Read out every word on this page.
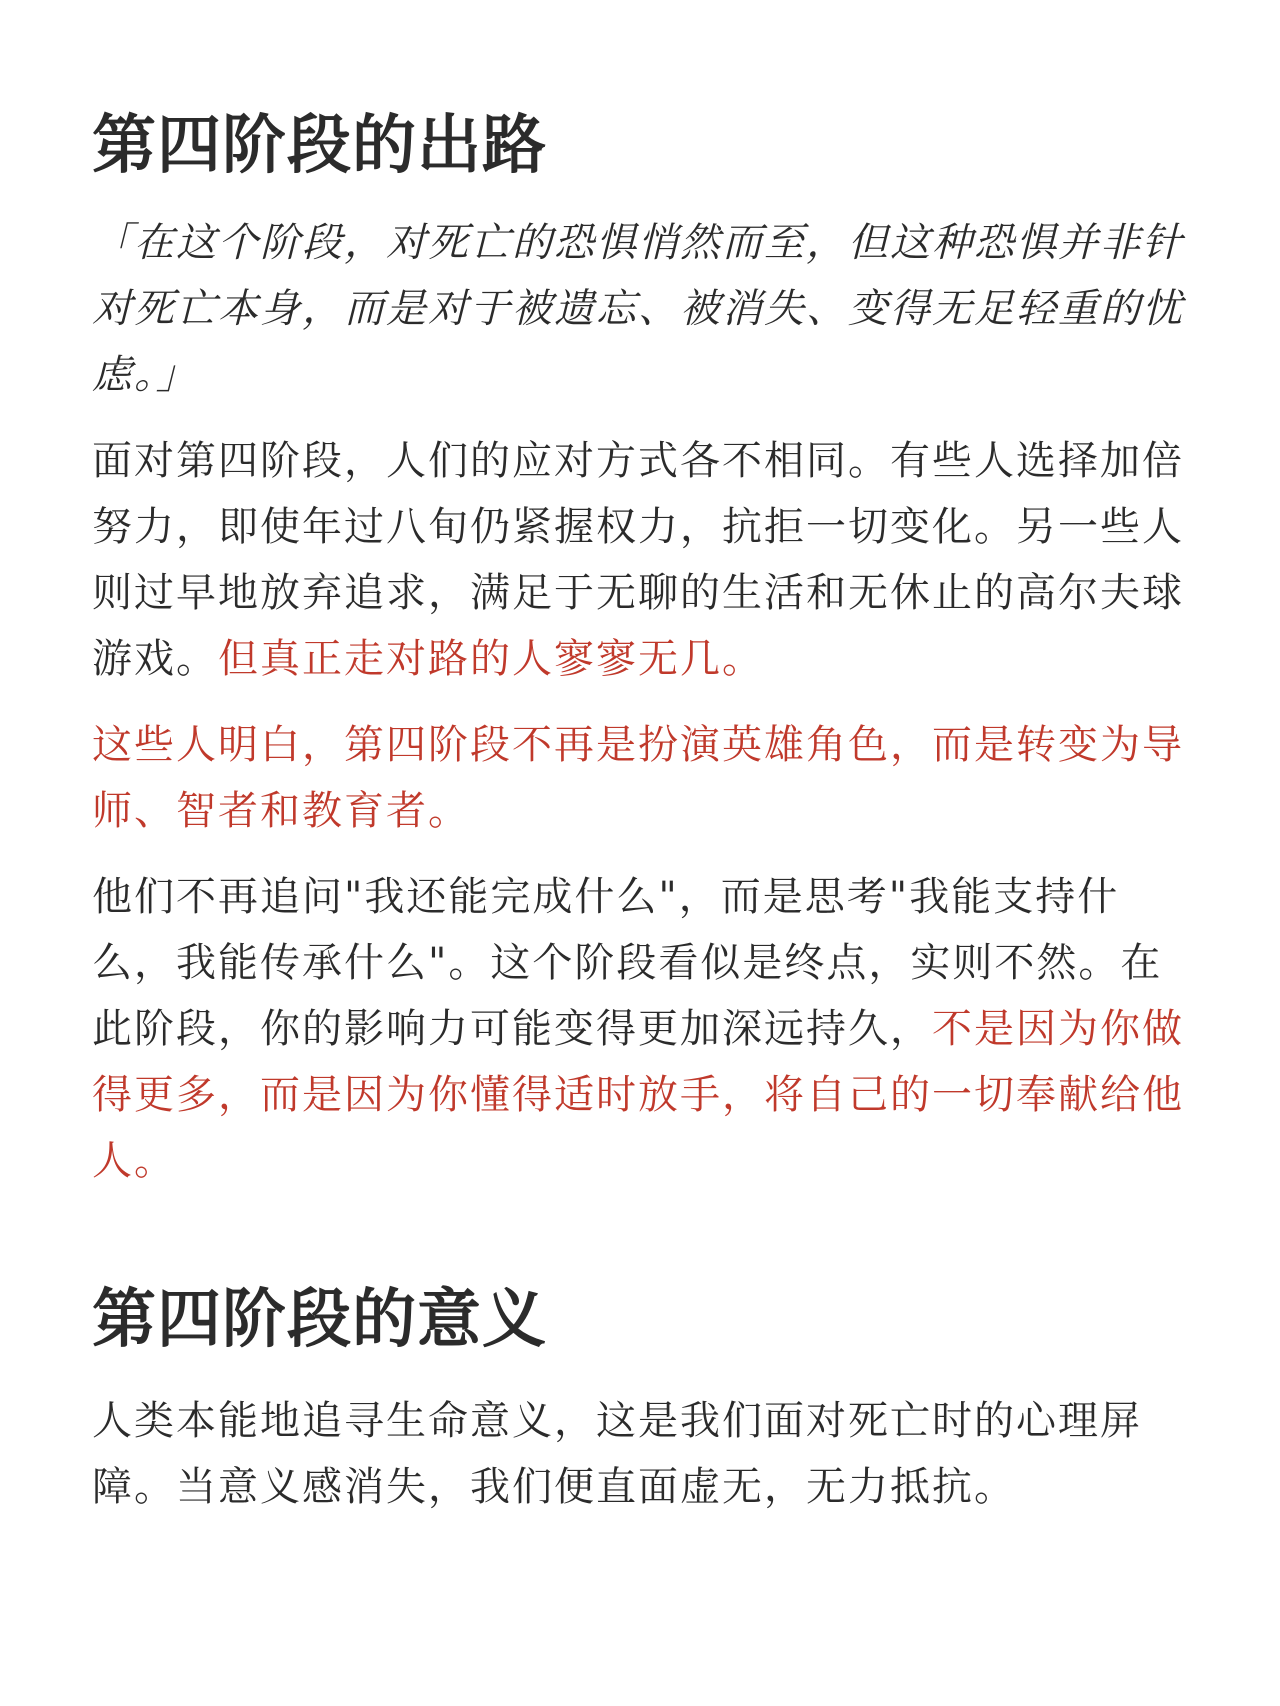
第四阶段的出路

「在这个阶段，对死亡的恐惧悄然而至，但这种恐惧并非针对死亡本身，而是对于被遗忘、被消失、变得无足轻重的忧虑。」

面对第四阶段，人们的应对方式各不相同。有些人选择加倍努力，即使年过八旬仍紧握权力，抗拒一切变化。另一些人则过早地放弃追求，满足于无聊的生活和无休止的高尔夫球游戏。但真正走对路的人寥寥无几。

这些人明白，第四阶段不再是扮演英雄角色，而是转变为导师、智者和教育者。

他们不再追问"我还能完成什么"，而是思考"我能支持什么，我能传承什么"。这个阶段看似是终点，实则不然。在此阶段，你的影响力可能变得更加深远持久，不是因为你做得更多，而是因为你懂得适时放手，将自己的一切奉献给他人。

第四阶段的意义

人类本能地追寻生命意义，这是我们面对死亡时的心理屏障。当意义感消失，我们便直面虚无，无力抵抗。
